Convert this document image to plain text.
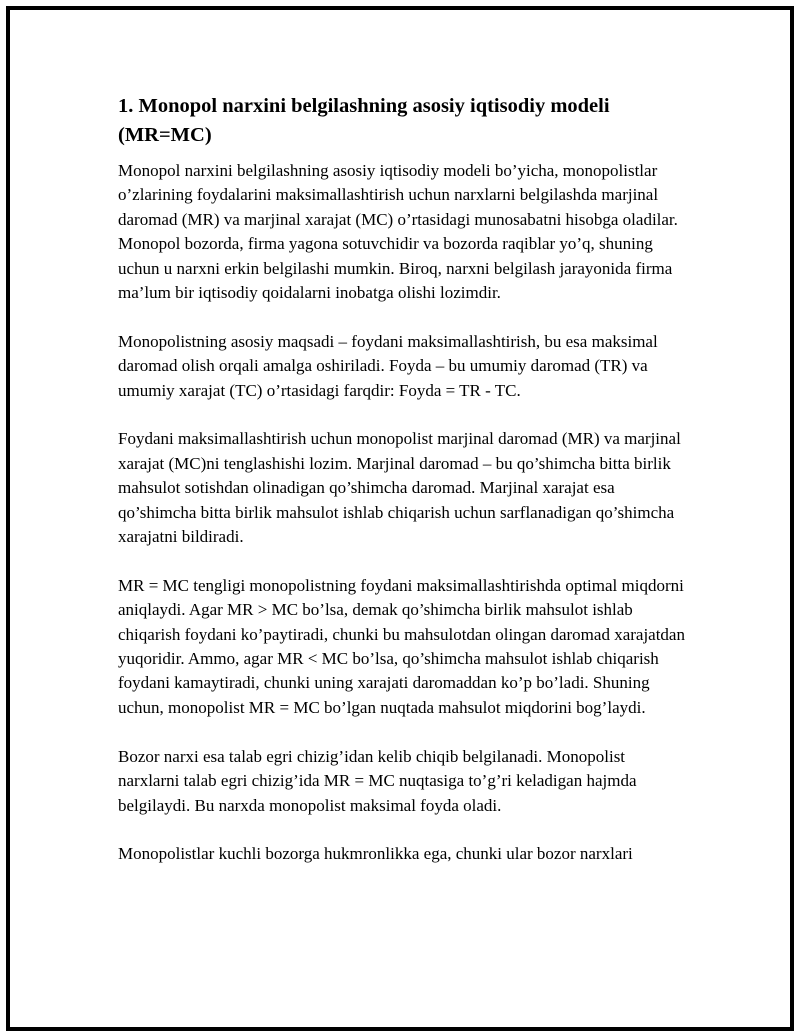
1. Monopol narxini belgilashning asosiy iqtisodiy modeli (MR=MC)

Monopol narxini belgilashning asosiy iqtisodiy modeli bo’yicha, monopolistlar o’zlarining foydalarini maksimallashtirish uchun narxlarni belgilashda marjinal daromad (MR) va marjinal xarajat (MC) o’rtasidagi munosabatni hisobga oladilar. Monopol bozorda, firma yagona sotuvchidir va bozorda raqiblar yo’q, shuning uchun u narxni erkin belgilashi mumkin. Biroq, narxni belgilash jarayonida firma ma’lum bir iqtisodiy qoidalarni inobatga olishi lozimdir.

Monopolistning asosiy maqsadi – foydani maksimallashtirish, bu esa maksimal daromad olish orqali amalga oshiriladi. Foyda – bu umumiy daromad (TR) va umumiy xarajat (TC) o’rtasidagi farqdir: Foyda = TR - TC.

Foydani maksimallashtirish uchun monopolist marjinal daromad (MR) va marjinal xarajat (MC)ni tenglashishi lozim. Marjinal daromad – bu qo’shimcha bitta birlik mahsulot sotishdan olinadigan qo’shimcha daromad. Marjinal xarajat esa qo’shimcha bitta birlik mahsulot ishlab chiqarish uchun sarflanadigan qo’shimcha xarajatni bildiradi.

MR = MC tengligi monopolistning foydani maksimallashtirishda optimal miqdorni aniqlaydi. Agar MR > MC bo’lsa, demak qo’shimcha birlik mahsulot ishlab chiqarish foydani ko’paytiradi, chunki bu mahsulotdan olingan daromad xarajatdan yuqoridir. Ammo, agar MR < MC bo’lsa, qo’shimcha mahsulot ishlab chiqarish foydani kamaytiradi, chunki uning xarajati daromaddan ko’p bo’ladi. Shuning uchun, monopolist MR = MC bo’lgan nuqtada mahsulot miqdorini bog’laydi.

Bozor narxi esa talab egri chizig’idan kelib chiqib belgilanadi. Monopolist narxlarni talab egri chizig’ida MR = MC nuqtasiga to’g’ri keladigan hajmda belgilaydi. Bu narxda monopolist maksimal foyda oladi.

Monopolistlar kuchli bozorga hukmronlikka ega, chunki ular bozor narxlari
